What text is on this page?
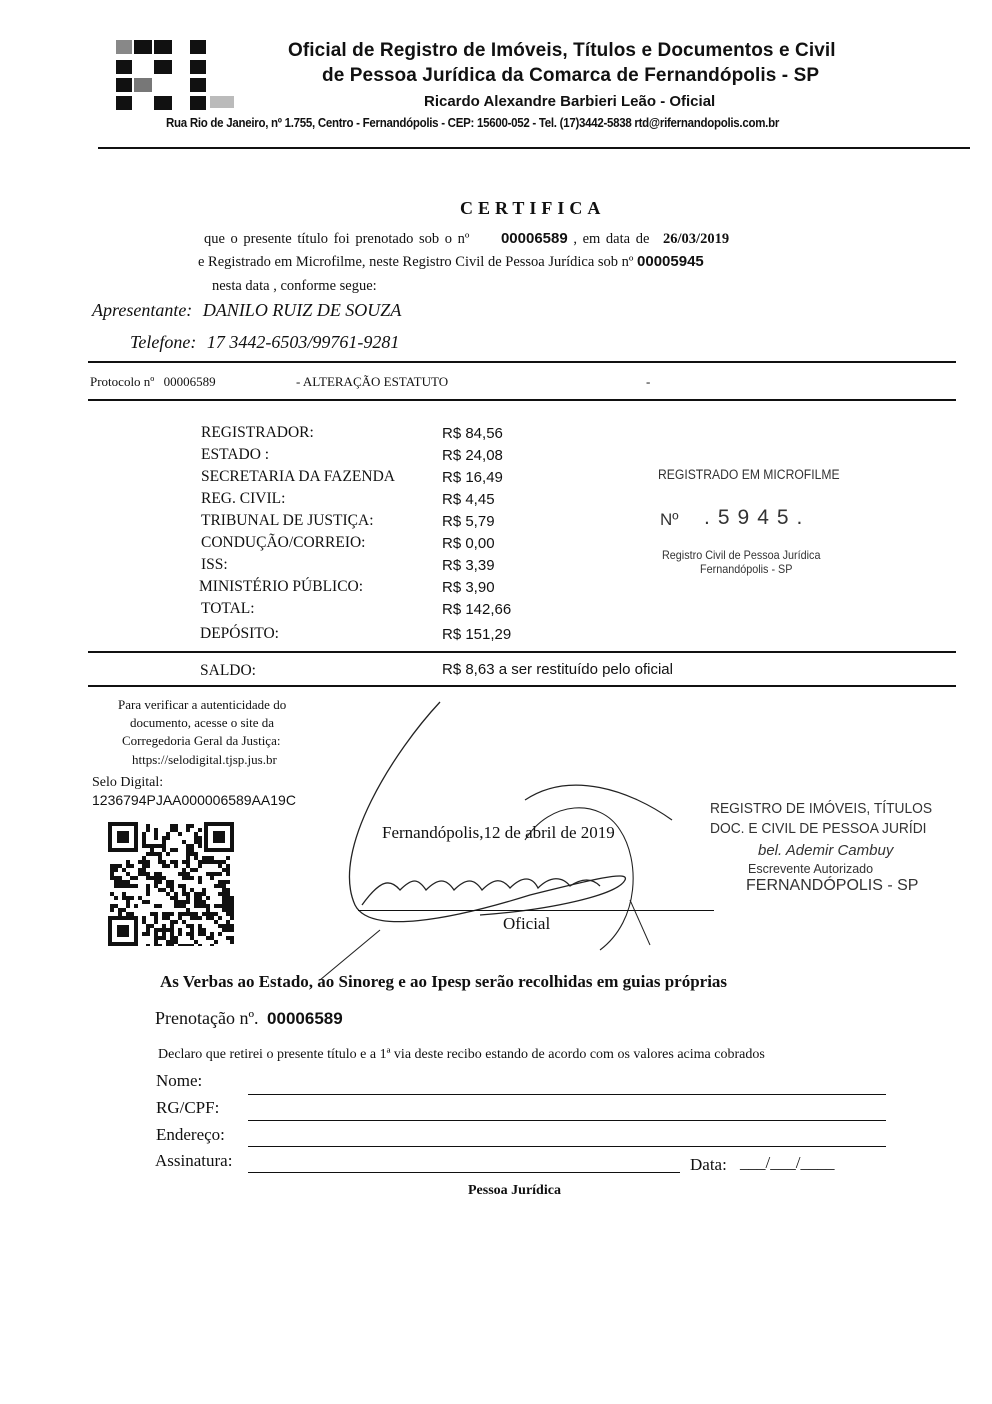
Oficial de Registro de Imóveis, Títulos e Documentos e Civil
de Pessoa Jurídica da Comarca de Fernandópolis - SP
Ricardo Alexandre Barbieri Leão - Oficial
Rua Rio de Janeiro, nº 1.755, Centro - Fernandópolis - CEP: 15600-052 - Tel. (17)3442-5838 rtd@rifernandopolis.com.br
CERTIFICA
que o presente título foi prenotado sob o nº 00006589 , em data de 26/03/2019
e Registrado em Microfilme, neste Registro Civil de Pessoa Jurídica sob nº 00005945
nesta data , conforme segue:
Apresentante: DANILO RUIZ DE SOUZA
Telefone: 17 3442-6503/99761-9281
Protocolo nº 00006589	- ALTERAÇÃO ESTATUTO	-
REGISTRADOR:	R$ 84,56
ESTADO :	R$ 24,08
SECRETARIA DA FAZENDA	R$ 16,49
REG. CIVIL:	R$ 4,45
TRIBUNAL DE JUSTIÇA:	R$ 5,79
CONDUÇÃO/CORREIO:	R$ 0,00
ISS:	R$ 3,39
MINISTÉRIO PÚBLICO:	R$ 3,90
TOTAL:	R$ 142,66
DEPÓSITO:	R$ 151,29
REGISTRADO EM MICROFILME
Nº .5945.
Registro Civil de Pessoa Jurídica
Fernandópolis - SP
SALDO:	R$ 8,63 a ser restituído pelo oficial
Para verificar a autenticidade do
documento, acesse o site da
Corregedoria Geral da Justiça:
https://selodigital.tjsp.jus.br
Selo Digital:
1236794PJAA000006589AA19C
Fernandópolis,12 de abril de 2019
Oficial
REGISTRO DE IMÓVEIS, TÍTULOS
DOC. E CIVIL DE PESSOA JURÍDI
bel. Ademir Cambuy
Escrevente Autorizado
FERNANDÓPOLIS - SP
As Verbas ao Estado, ao Sinoreg e ao Ipesp serão recolhidas em guias próprias
Prenotação nº. 00006589
Declaro que retirei o presente título e a 1ª via deste recibo estando de acordo com os valores acima cobrados
Nome:
RG/CPF:
Endereço:
Assinatura:	Data: ___/___/____
Pessoa Jurídica
